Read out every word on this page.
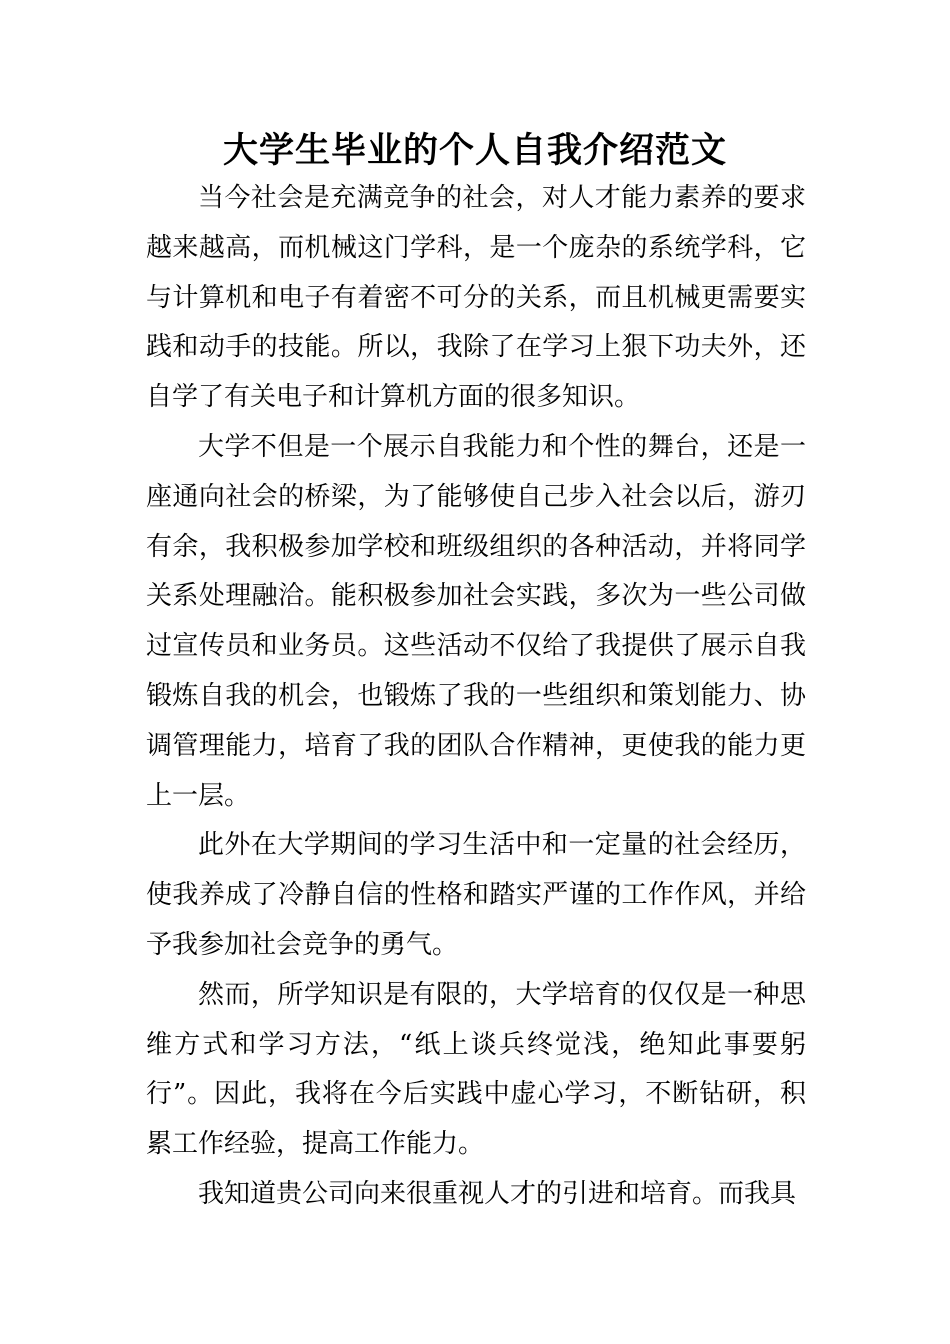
大学生毕业的个人自我介绍范文

当今社会是充满竞争的社会，对人才能力素养的要求越来越高，而机械这门学科，是一个庞杂的系统学科，它与计算机和电子有着密不可分的关系，而且机械更需要实践和动手的技能。所以，我除了在学习上狠下功夫外，还自学了有关电子和计算机方面的很多知识。

大学不但是一个展示自我能力和个性的舞台，还是一座通向社会的桥梁，为了能够使自己步入社会以后，游刃有余，我积极参加学校和班级组织的各种活动，并将同学关系处理融洽。能积极参加社会实践，多次为一些公司做过宣传员和业务员。这些活动不仅给了我提供了展示自我锻炼自我的机会，也锻炼了我的一些组织和策划能力、协调管理能力，培育了我的团队合作精神，更使我的能力更上一层。

此外在大学期间的学习生活中和一定量的社会经历，使我养成了冷静自信的性格和踏实严谨的工作作风，并给予我参加社会竞争的勇气。

然而，所学知识是有限的，大学培育的仅仅是一种思维方式和学习方法，“纸上谈兵终觉浅，绝知此事要躬行”。因此，我将在今后实践中虚心学习，不断钻研，积累工作经验，提高工作能力。

我知道贵公司向来很重视人才的引进和培育。而我具
